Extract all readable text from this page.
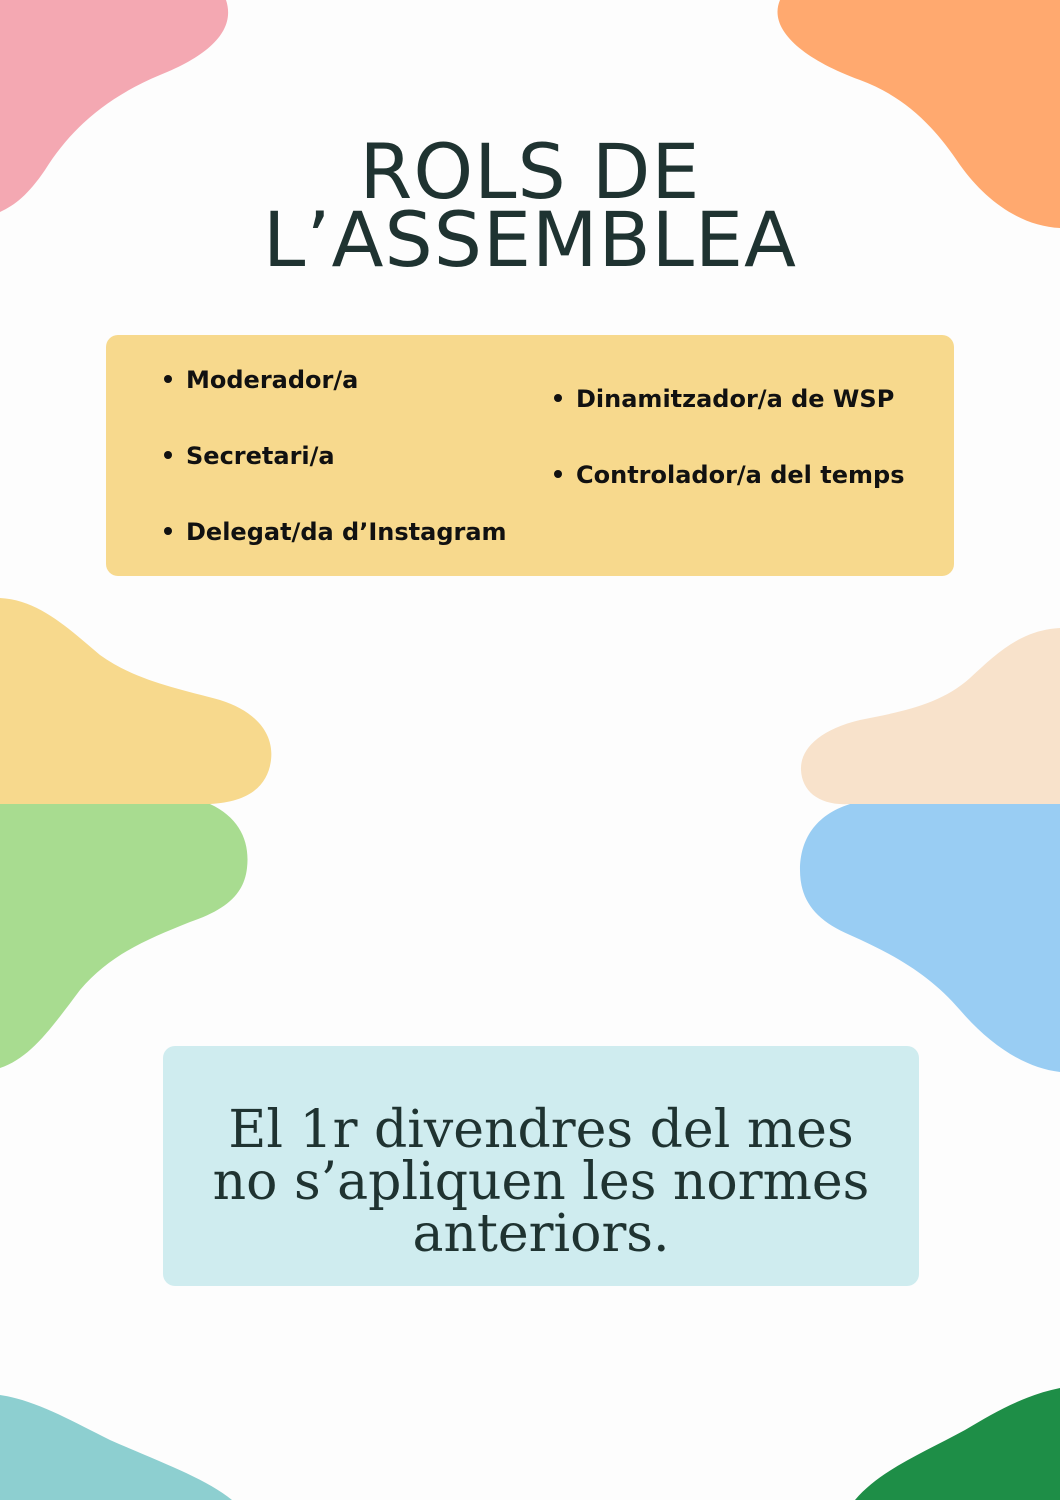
ROLS DE
L’ASSEMBLEA

Moderador/a

Secretari/a

Delegat/da d’Instagram

Dinamitzador/a de WSP

Controlador/a del temps

El 1r divendres del mes
no s’apliquen les normes
anteriors.
